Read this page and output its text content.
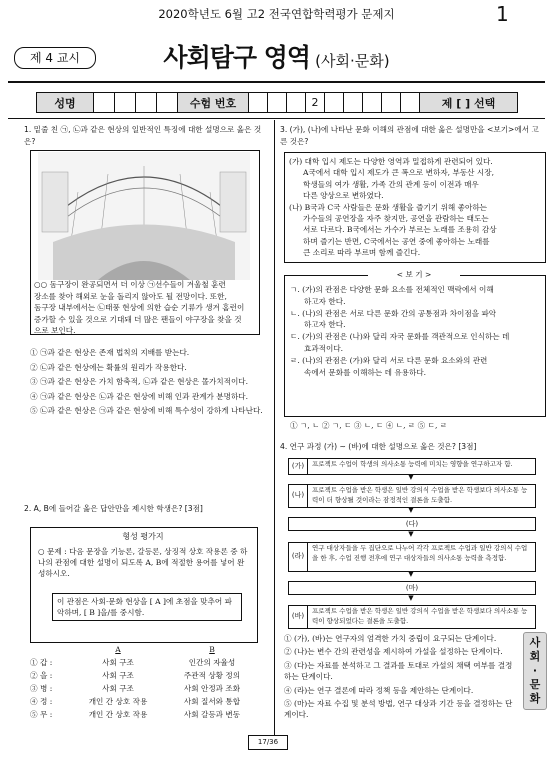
2020학년도 6월 고2 전국연합학력평가 문제지	1
제 4 교시	사회탐구 영역 (사회·문화)
성명	수험 번호	2	제 [ ] 선택
1. 밑줄 친 ㉠, ㉡과 같은 현상의 일반적인 특징에 대한 설명으로 옳은 것은?
○○ 돔구장이 완공되면서 더 이상 ㉠선수들이 겨울철 훈련
장소를 찾아 해외로 눈을 돌리지 않아도 될 전망이다. 또한,
돔구장 내부에서는 ㉡태풍 현상에 의한 습순 기류가 생겨 홈런이
증가할 수 있을 것으로 기대돼 더 많은 팬들이 야구장을 찾을 것
으로 보인다.
① ㉠과 같은 현상은 존재 법칙의 지배를 받는다.
② ㉡과 같은 현상에는 확률의 원리가 작용한다.
③ ㉠과 같은 현상은 가치 함축적, ㉡과 같은 현상은 몰가치적이다.
④ ㉠과 같은 현상은 ㉡과 같은 현상에 비해 인과 관계가 분명하다.
⑤ ㉡과 같은 현상은 ㉠과 같은 현상에 비해 특수성이 강하게 나타난다.
2. A, B에 들어갈 옳은 답안만을 제시한 학생은? [3점]
형성 평가지
○ 문제 : 다음 문장을 기능론, 갈등론, 상징적 상호 작용론 중 하나의 관점에 대한 설명이 되도록 A, B에 적절한 용어를 넣어 완성하시오.
이 관점은 사회·문화 현상을 [ A ]에 초점을 맞추어 파악하며, [ B ]을/를 중시함.
A	B
① 갑 :	사회 구조	인간의 자율성
② 을 :	사회 구조	주관적 상황 정의
③ 병 :	사회 구조	사회 안정과 조화
④ 정 :	개인 간 상호 작용	사회 질서와 통합
⑤ 무 :	개인 간 상호 작용	사회 갈등과 변동
3. (가), (나)에 나타난 문화 이해의 관점에 대한 옳은 설명만을 <보기>에서 고른 것은?
(가) 대학 입시 제도는 다양한 영역과 밀접하게 관련되어 있다.
A국에서 대학 입시 제도가 큰 폭으로 변하자, 부동산 시장,
학생들의 여가 생활, 가족 간의 관계 등이 이전과 매우
다른 양상으로 변하였다.
(나) B국과 C국 사람들은 문화 생활을 즐기기 위해 좋아하는
가수들의 공연장을 자주 찾지만, 공연을 관람하는 태도는
서로 다르다. B국에서는 가수가 부르는 노래를 조용히 감상
하며 즐기는 반면, C국에서는 공연 중에 좋아하는 노래를
큰 소리로 따라 부르며 함께 즐긴다.
< 보 기 >
ㄱ. (가)의 관점은 다양한 문화 요소를 전체적인 맥락에서 이해
하고자 한다.
ㄴ. (나)의 관점은 서로 다른 문화 간의 공통점과 차이점을 파악
하고자 한다.
ㄷ. (가)의 관점은 (나)와 달리 자국 문화를 객관적으로 인식하는 데
효과적이다.
ㄹ. (나)의 관점은 (가)와 달리 서로 다른 문화 요소와의 관련
속에서 문화를 이해하는 데 유용하다.
① ㄱ, ㄴ ② ㄱ, ㄷ ③ ㄴ, ㄷ ④ ㄴ, ㄹ ⑤ ㄷ, ㄹ
4. 연구 과정 (가) ~ (바)에 대한 설명으로 옳은 것은? [3점]
(가)	프로젝트 수업이 학생의 의사소통 능력에 미치는 영향을 연구하고자 함.
▼
(나)
프로젝트 수업을 받은 학생은 일반 강의식 수업을 받은 학생보다 의사소통 능력이 더 향상될 것이라는 잠정적인 결론을 도출함.
▼
(다)
▼
(라)
연구 대상자들을 두 집단으로 나누어 각각 프로젝트 수업과 일반 강의식 수업을 한 후, 수업 진행 전후에 연구 대상자들의 의사소통 능력을 측정함.
▼
(마)
▼
(바)
프로젝트 수업을 받은 학생은 일반 강의식 수업을 받은 학생보다 의사소통 능력이 향상되었다는 결론을 도출함.
① (가), (바)는 연구자의 엄격한 가치 중립이 요구되는 단계이다.
② (나)는 변수 간의 관련성을 제시하여 가설을 설정하는 단계이다.
③ (다)는 자료를 분석하고 그 결과를 토대로 가설의 채택 여부를 결정하는 단계이다.
④ (라)는 연구 결론에 따라 정책 등을 제안하는 단계이다.
⑤ (마)는 자료 수집 및 분석 방법, 연구 대상과 기간 등을 결정하는 단계이다.
사
회
·
문
화
17/36
